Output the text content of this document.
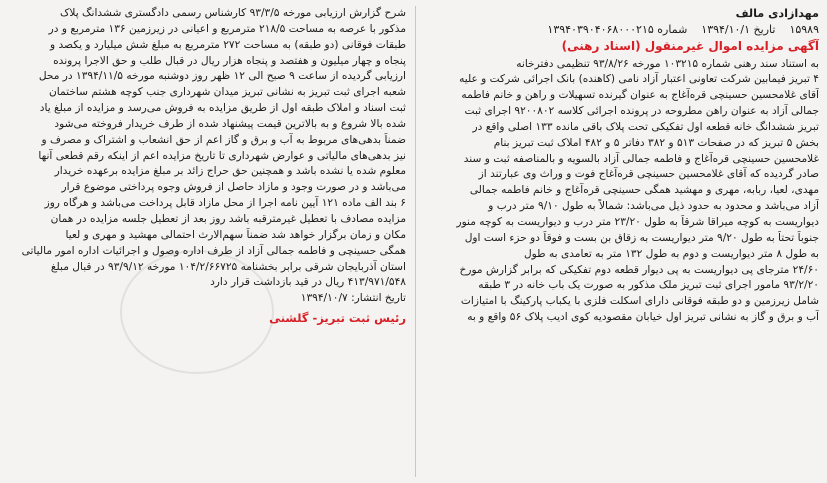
مهدازادی مالف
۱۵۹۸۹
تاریخ ۱۳۹۴/۱۰/۱
شماره ۱۳۹۴۰۳۹۰۴۰۶۸۰۰۰۲۱۵
آگهی مزایده اموال غیرمنقول (اسناد رهنی)
به استناد سند رهنی شماره ۱۰۳۲۱۵ مورخه ۹۳/۸/۲۶ تنظیمی دفترخانه
۴ تبریز فیمابین شرکت تعاونی اعتبار آزاد نامی (کاهنده) بانک اجرائی شرکت و علیه
آقای غلامحسین حسینچی قره‌آغاج به عنوان گیرنده تسهیلات و راهن و خانم فاطمه
جمالی آزاد به عنوان راهن مطروحه در پرونده اجرائی کلاسه ۹۲۰۰۸۰۲ اجرای ثبت
تبریز ششدانگ خانه قطعه اول تفکیکی تحت پلاک باقی مانده ۱۳۳ اصلی واقع در
بخش ۵ تبریز که در صفحات ۵۱۳ و ۳۸۲ دفاتر ۵ و ۴۸۲ املاک ثبت تبریز بنام
غلامحسین حسینچی قره‌آغاج و فاطمه جمالی آزاد بالسویه و بالمناصفه ثبت و سند
صادر گردیده که آقای غلامحسین حسینچی قره‌آغاج فوت و وراث وی عبارتند از
مهدی، لعیا، ربابه، مهری و مهشید همگی حسینچی قره‌آغاج و خانم فاطمه جمالی
آزاد می‌باشد و محدود به حدود ذیل می‌باشد: شمالاً به طول ۹/۱۰ متر درب و
دیواریست به کوچه میراقا شرقاً به طول ۲۳/۲۰ متر درب و دیواریست به کوچه منور
جنوباً تحتاً به طول ۹/۲۰ متر دیواریست به زقاق بن بست و فوقاً دو حزء است اول
به طول ۸ متر دیواریست و دوم به طول ۱۳۲ متر به تعامدی به طول
۲۴/۶۰ مترجای پی دیواریست به پی دیوار قطعه دوم تفکیکی که برابر گزارش مورخ
۹۳/۲/۲۰ مامور اجرای ثبت تبریز ملک مذکور به صورت یک باب خانه در ۳ طبقه
شامل زیرزمین و دو طبقه فوقانی دارای اسکلت فلزی با یکباب پارکینگ با امتیازات
آب و برق و گاز به نشانی تبریز اول خیابان مقصودیه کوی ادیب پلاک ۵۶ واقع و به
شرح گزارش ارزیابی مورخه ۹۳/۳/۵ کارشناس رسمی دادگستری ششدانگ پلاک
مذکور با عرصه به مساحت ۲۱۸/۵ مترمربع و اعیانی در زیرزمین ۱۳۶ مترمربع و در
طبقات فوقانی (دو طبقه) به مساحت ۲۷۲ مترمربع به مبلغ شش میلیارد و یکصد و
پنجاه و چهار میلیون و هفتصد و پنجاه هزار ریال در قبال طلب و حق الاجرا پرونده
ارزیابی گردیده از ساعت ۹ صبح الی ۱۲ ظهر روز دوشنبه مورخه ۱۳۹۴/۱۱/۵ در محل
شعبه اجرای ثبت تبریز به نشانی تبریز میدان شهرداری جنب کوچه هشتم ساختمان
ثبت اسناد و املاک طبقه اول از طریق مزایده به فروش می‌رسد و مزایده از مبلغ یاد
شده بالا شروع و به بالاترین قیمت پیشنهاد شده از طرف خریدار فروخته می‌شود
ضمناً بدهی‌های مربوط به آب و برق و گاز اعم از حق انشعاب و اشتراک و مصرف و
نیز بدهی‌های مالیاتی و عوارض شهرداری تا تاریخ مزایده اعم از اینکه رقم قطعی آنها
معلوم شده یا نشده باشد و همچنین حق حراج زائد بر مبلغ مزایده برعهده خریدار
می‌باشد و در صورت وجود و مازاد حاصل از فروش وجوه پرداختی موضوع قرار
۶ بند الف ماده ۱۲۱ آیین نامه اجرا از محل مازاد قابل پرداخت می‌باشد و هرگاه روز
مزایده مصادف با تعطیل غیرمترقبه باشد روز بعد از تعطیل جلسه مزایده در همان
مکان و زمان برگزار خواهد شد ضمناً سهم‌الارث احتمالی مهشید و مهری و لعیا
همگی حسینچی و فاطمه جمالی آزاد از طرف اداره وصول و اجرائیات اداره امور مالیاتی
استان آذربایجان شرقی برابر بخشنامه ۱۰۴/۲/۶۶۷۲۵ مورخه ۹۳/۹/۱۲ در قبال مبلغ
۴۱۳/۹۷۱/۵۴۸ ریال در قید بازداشت قرار دارد
تاریخ انتشار: ۱۳۹۴/۱۰/۷
رئیس ثبت تبریز- گلشنی
